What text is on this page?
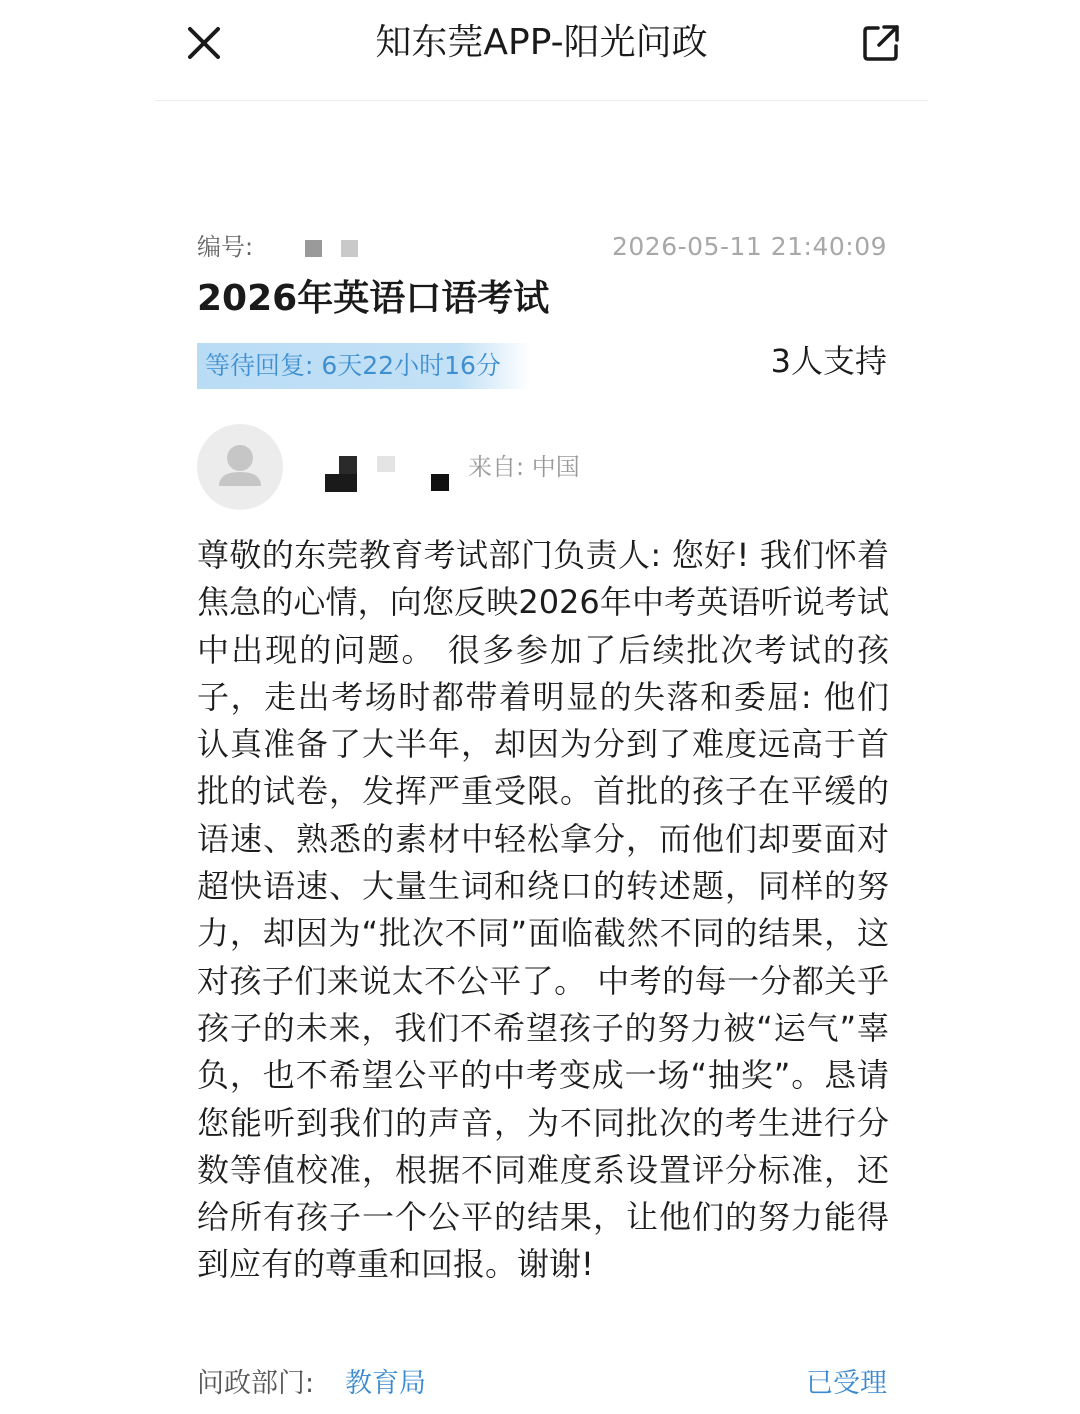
知东莞APP-阳光问政
编号:	2026-05-11 21:40:09
2026年英语口语考试
等待回复: 6天22小时16分	3人支持
来自: 中国

尊敬的东莞教育考试部门负责人: 您好! 我们怀着焦急的心情，向您反映2026年中考英语听说考试中出现的问题。 很多参加了后续批次考试的孩子，走出考场时都带着明显的失落和委屈: 他们认真准备了大半年，却因为分到了难度远高于首批的试卷，发挥严重受限。首批的孩子在平缓的语速、熟悉的素材中轻松拿分，而他们却要面对超快语速、大量生词和绕口的转述题，同样的努力，却因为“批次不同”面临截然不同的结果，这对孩子们来说太不公平了。 中考的每一分都关乎孩子的未来，我们不希望孩子的努力被“运气”辜负，也不希望公平的中考变成一场“抽奖”。恳请您能听到我们的声音，为不同批次的考生进行分数等值校准，根据不同难度系设置评分标准，还给所有孩子一个公平的结果，让他们的努力能得到应有的尊重和回报。谢谢!

问政部门: 教育局	已受理
